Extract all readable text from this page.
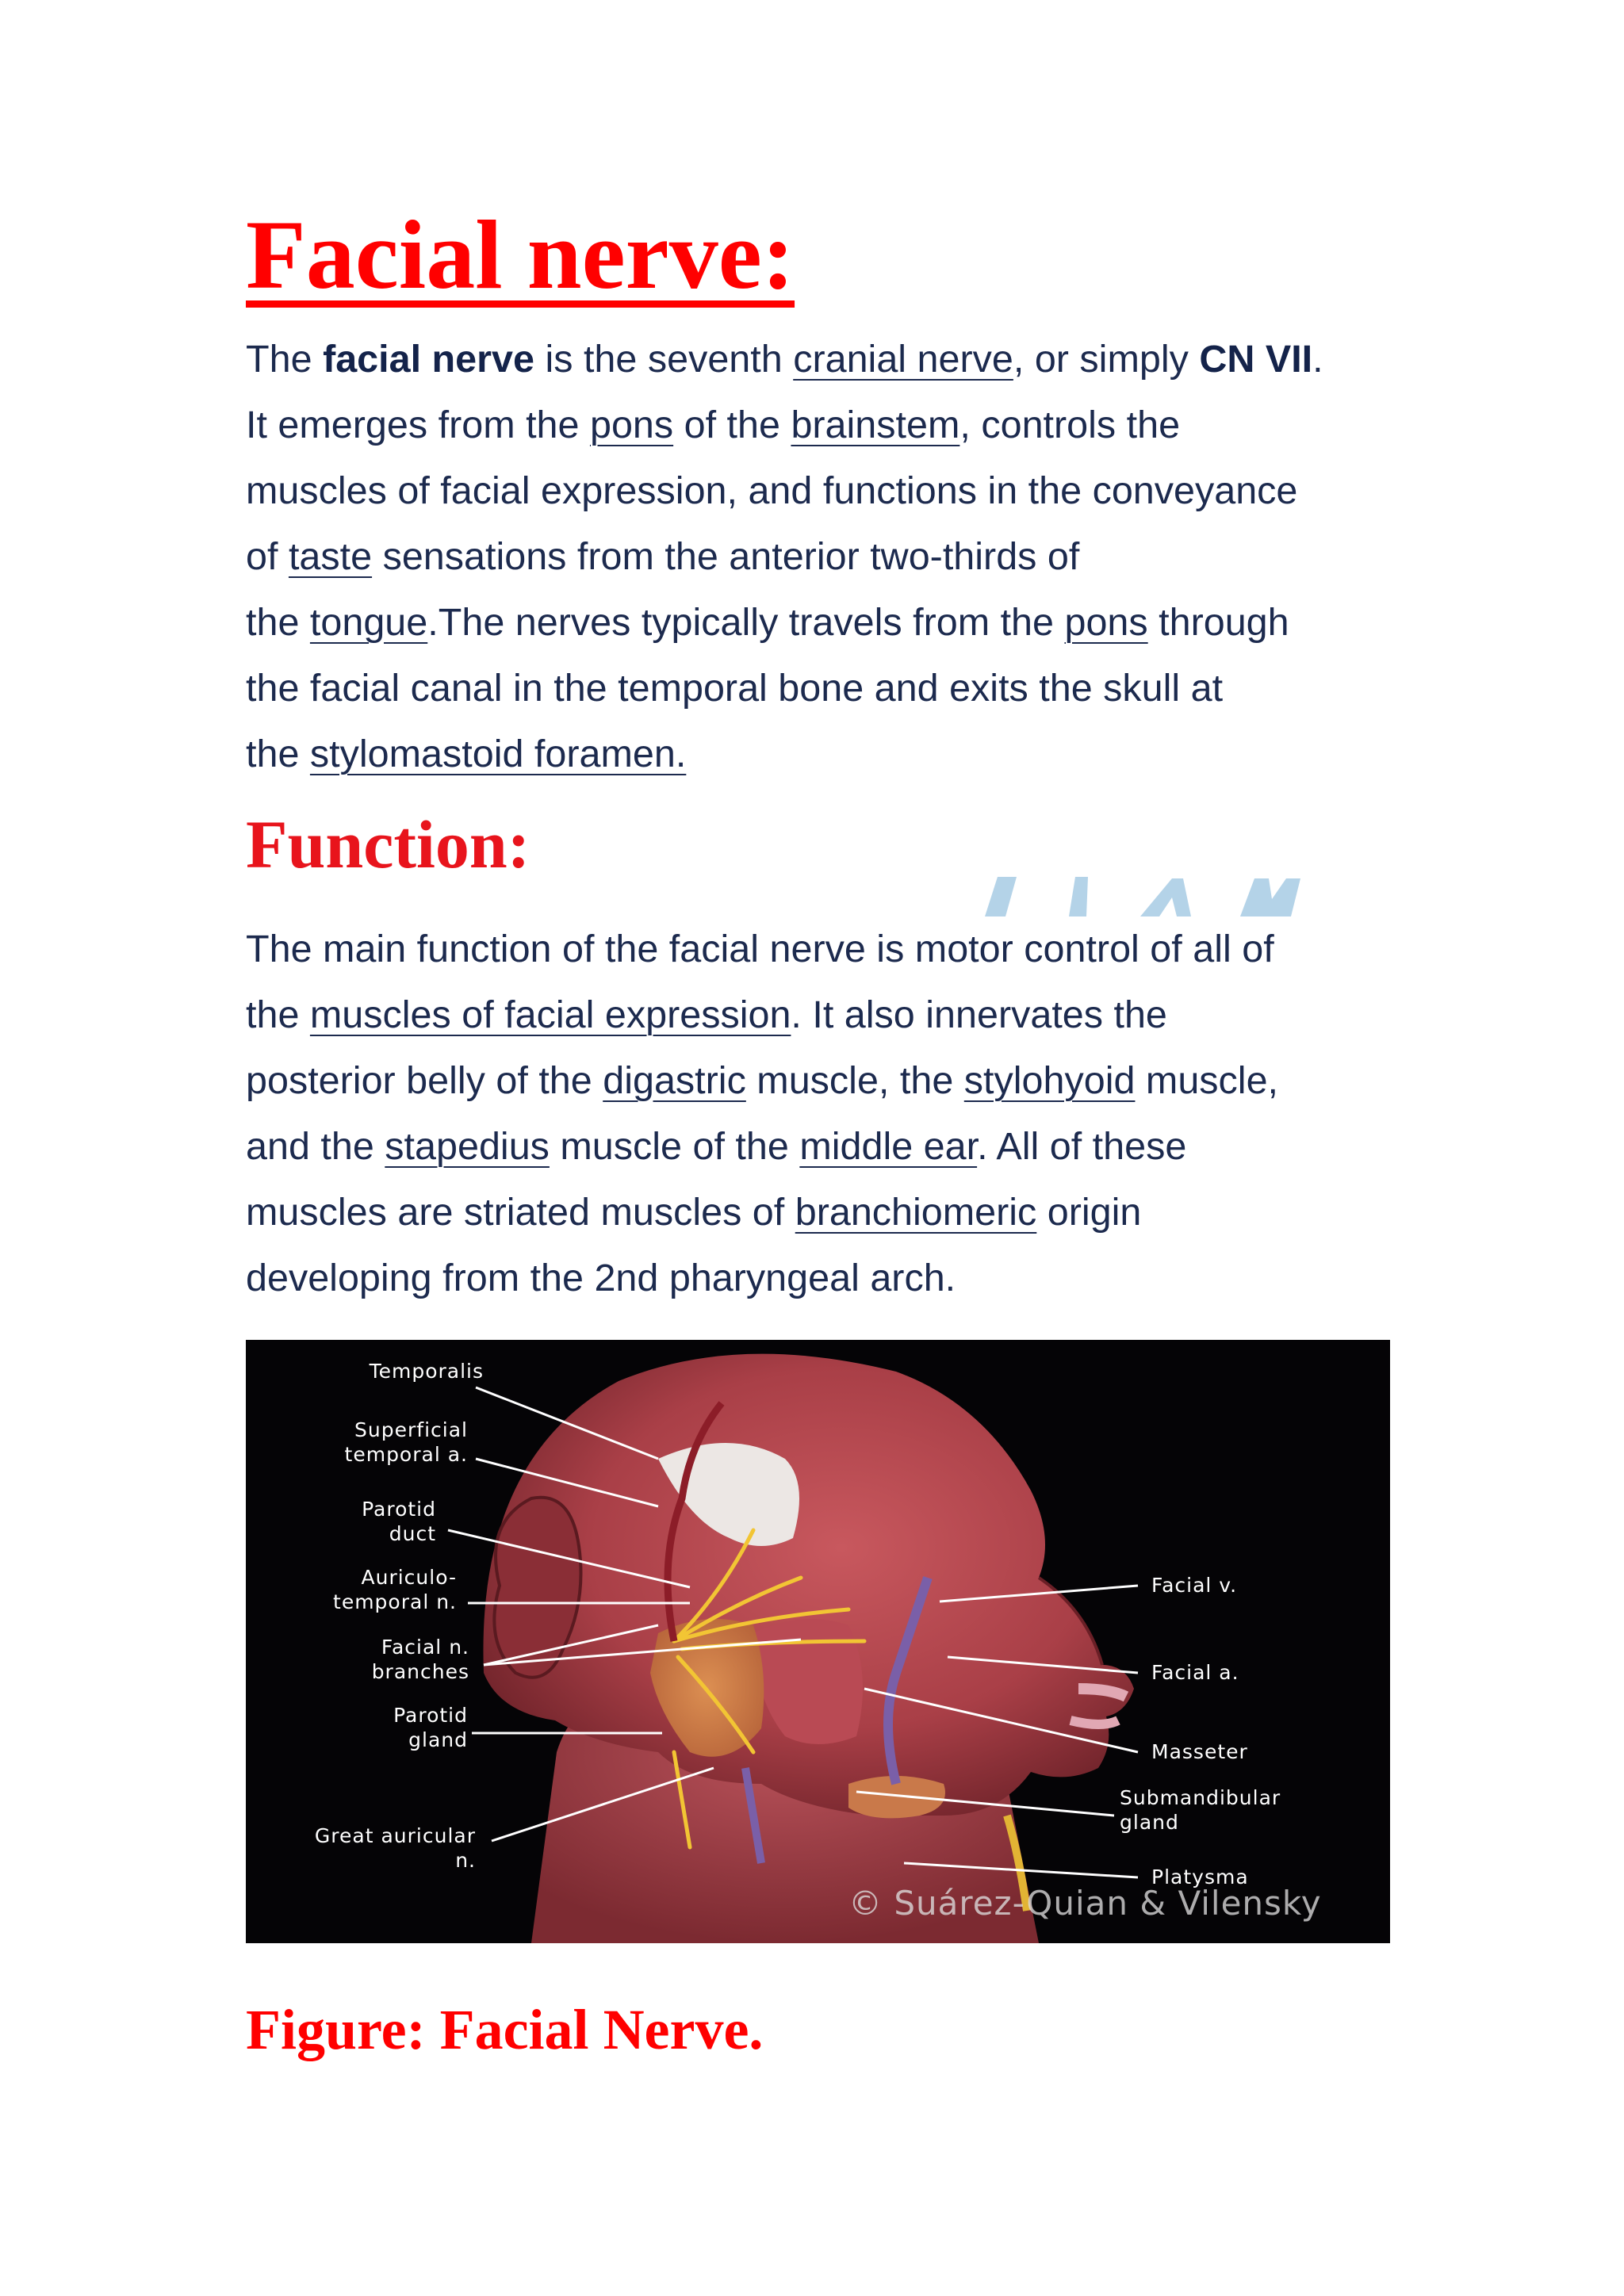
Facial nerve:
The facial nerve is the seventh cranial nerve, or simply CN VII.
It emerges from the pons of the brainstem, controls the
muscles of facial expression, and functions in the conveyance
of taste sensations from the anterior two-thirds of
the tongue.The nerves typically travels from the pons through
the facial canal in the temporal bone and exits the skull at
the stylomastoid foramen.
Function:
The main function of the facial nerve is motor control of all of
the muscles of facial expression. It also innervates the
posterior belly of the digastric muscle, the stylohyoid muscle,
and the stapedius muscle of the middle ear. All of these
muscles are striated muscles of branchiomeric origin
developing from the 2nd pharyngeal arch.
Temporalis
Superficial
temporal a.
Parotid
duct
Auriculo-
temporal n.
Facial n.
branches
Parotid
gland
Great auricular
n.
Facial v.
Facial a.
Masseter
Submandibular
gland
Platysma
© Suárez-Quian & Vilensky
Figure: Facial Nerve.
